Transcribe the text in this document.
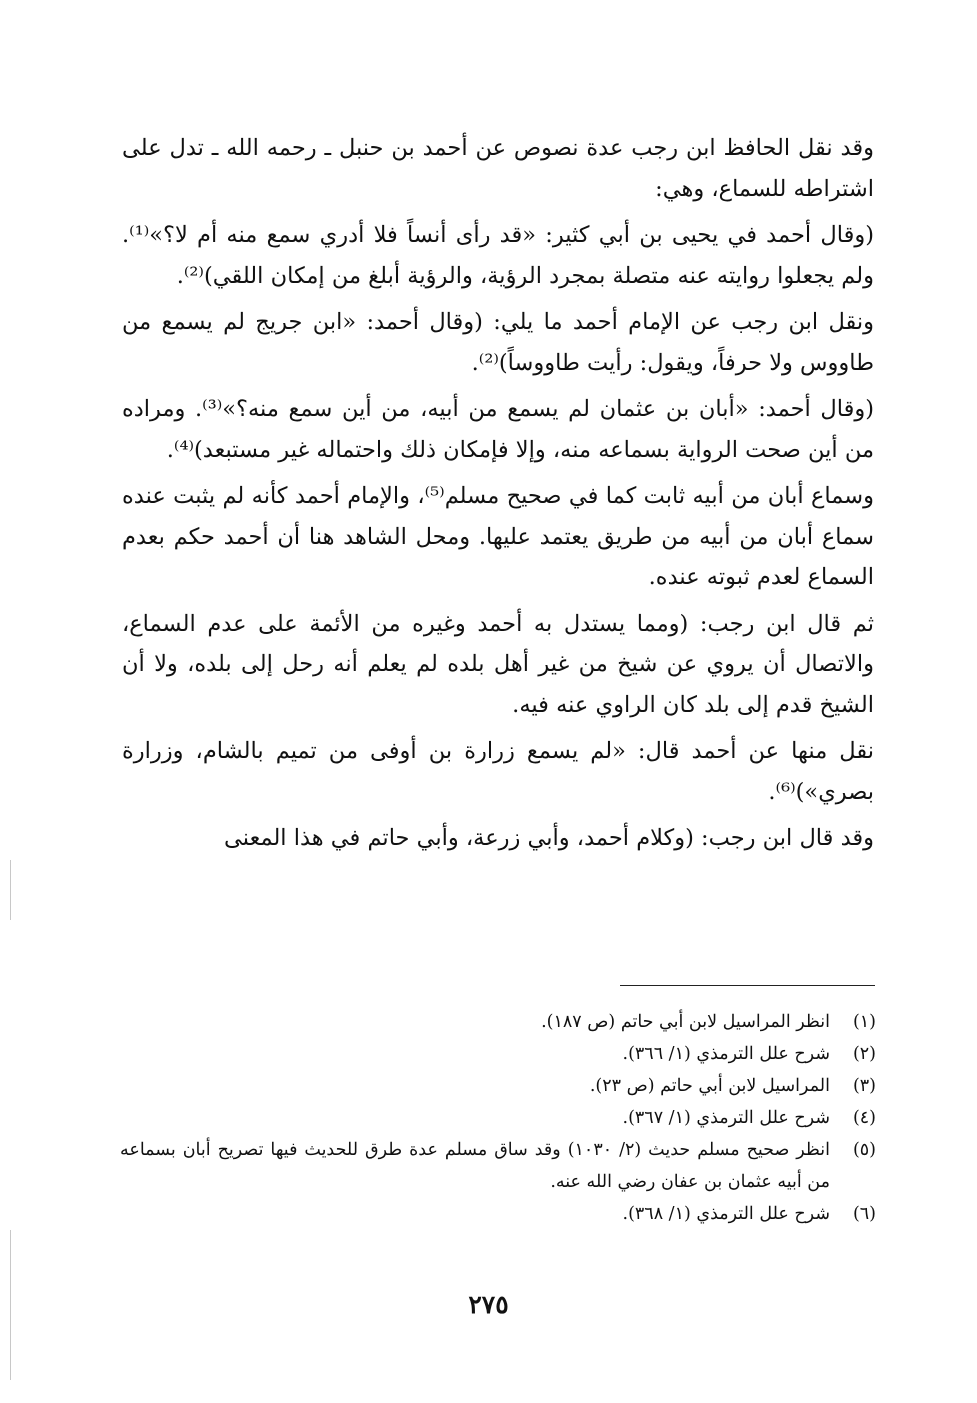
وقد نقل الحافظ ابن رجب عدة نصوص عن أحمد بن حنبل ـ رحمه الله ـ تدل على اشتراطه للسماع، وهي:

(وقال أحمد في يحيى بن أبي كثير: «قد رأى أنساً فلا أدري سمع منه أم لا؟»⁽¹⁾. ولم يجعلوا روايته عنه متصلة بمجرد الرؤية، والرؤية أبلغ من إمكان اللقي)⁽²⁾.

ونقل ابن رجب عن الإمام أحمد ما يلي: (وقال أحمد: «ابن جريج لم يسمع من طاووس ولا حرفاً، ويقول: رأيت طاووساً)⁽²⁾.

(وقال أحمد: «أبان بن عثمان لم يسمع من أبيه، من أين سمع منه؟»⁽³⁾. ومراده من أين صحت الرواية بسماعه منه، وإلا فإمكان ذلك واحتماله غير مستبعد)⁽⁴⁾.

وسماع أبان من أبيه ثابت كما في صحيح مسلم⁽⁵⁾، والإمام أحمد كأنه لم يثبت عنده سماع أبان من أبيه من طريق يعتمد عليها. ومحل الشاهد هنا أن أحمد حكم بعدم السماع لعدم ثبوته عنده.

ثم قال ابن رجب: (ومما يستدل به أحمد وغيره من الأئمة على عدم السماع، والاتصال أن يروي عن شيخ من غير أهل بلده لم يعلم أنه رحل إلى بلده، ولا أن الشيخ قدم إلى بلد كان الراوي عنه فيه.

نقل منها عن أحمد قال: «لم يسمع زرارة بن أوفى من تميم بالشام، وزرارة بصري»)⁽⁶⁾.

وقد قال ابن رجب: (وكلام أحمد، وأبي زرعة، وأبي حاتم في هذا المعنى

(١)
انظر المراسيل لابن أبي حاتم (ص ١٨٧).
(٢)
شرح علل الترمذي (١/ ٣٦٦).
(٣)
المراسيل لابن أبي حاتم (ص ٢٣).
(٤)
شرح علل الترمذي (١/ ٣٦٧).
(٥)
انظر صحيح مسلم حديث (٢/ ١٠٣٠) وقد ساق مسلم عدة طرق للحديث فيها تصريح أبان بسماعه من أبيه عثمان بن عفان رضي الله عنه.
(٦)
شرح علل الترمذي (١/ ٣٦٨).
٢٧٥
